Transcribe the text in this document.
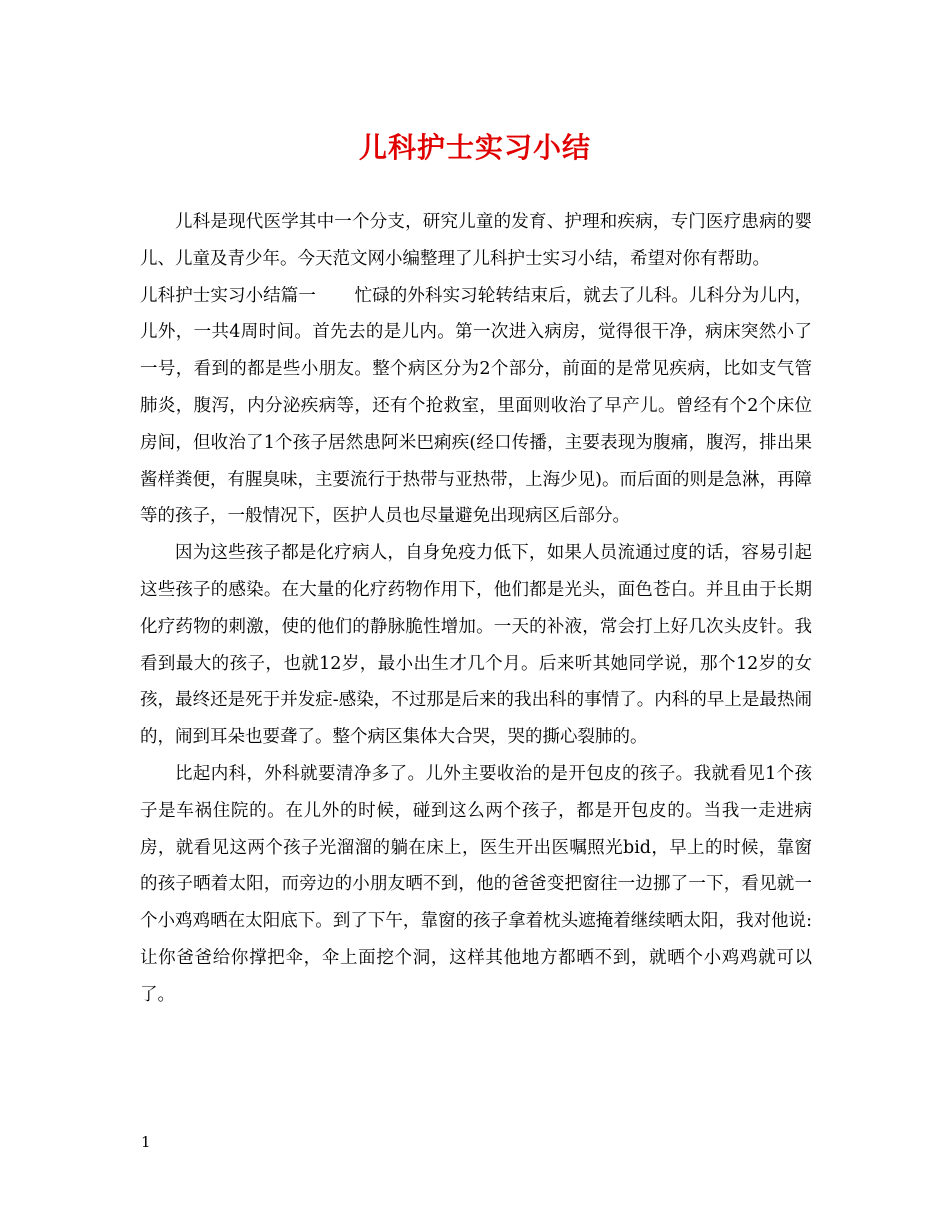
儿科护士实习小结

儿科是现代医学其中一个分支，研究儿童的发育、护理和疾病，专门医疗患病的婴儿、儿童及青少年。今天范文网小编整理了儿科护士实习小结，希望对你有帮助。

儿科护士实习小结篇一 忙碌的外科实习轮转结束后，就去了儿科。儿科分为儿内，儿外，一共4周时间。首先去的是儿内。第一次进入病房，觉得很干净，病床突然小了一号，看到的都是些小朋友。整个病区分为2个部分，前面的是常见疾病，比如支气管肺炎，腹泻，内分泌疾病等，还有个抢救室，里面则收治了早产儿。曾经有个2个床位房间，但收治了1个孩子居然患阿米巴痢疾(经口传播，主要表现为腹痛，腹泻，排出果酱样粪便，有腥臭味，主要流行于热带与亚热带，上海少见)。而后面的则是急淋，再障等的孩子，一般情况下，医护人员也尽量避免出现病区后部分。

因为这些孩子都是化疗病人，自身免疫力低下，如果人员流通过度的话，容易引起这些孩子的感染。在大量的化疗药物作用下，他们都是光头，面色苍白。并且由于长期化疗药物的刺激，使的他们的静脉脆性增加。一天的补液，常会打上好几次头皮针。我看到最大的孩子，也就12岁，最小出生才几个月。后来听其她同学说，那个12岁的女孩，最终还是死于并发症-感染，不过那是后来的我出科的事情了。内科的早上是最热闹的，闹到耳朵也要聋了。整个病区集体大合哭，哭的撕心裂肺的。

比起内科，外科就要清净多了。儿外主要收治的是开包皮的孩子。我就看见1个孩子是车祸住院的。在儿外的时候，碰到这么两个孩子，都是开包皮的。当我一走进病房，就看见这两个孩子光溜溜的躺在床上，医生开出医嘱照光bid，早上的时候，靠窗的孩子晒着太阳，而旁边的小朋友晒不到，他的爸爸变把窗往一边挪了一下，看见就一个小鸡鸡晒在太阳底下。到了下午，靠窗的孩子拿着枕头遮掩着继续晒太阳，我对他说:让你爸爸给你撑把伞，伞上面挖个洞，这样其他地方都晒不到，就晒个小鸡鸡就可以了。

1
